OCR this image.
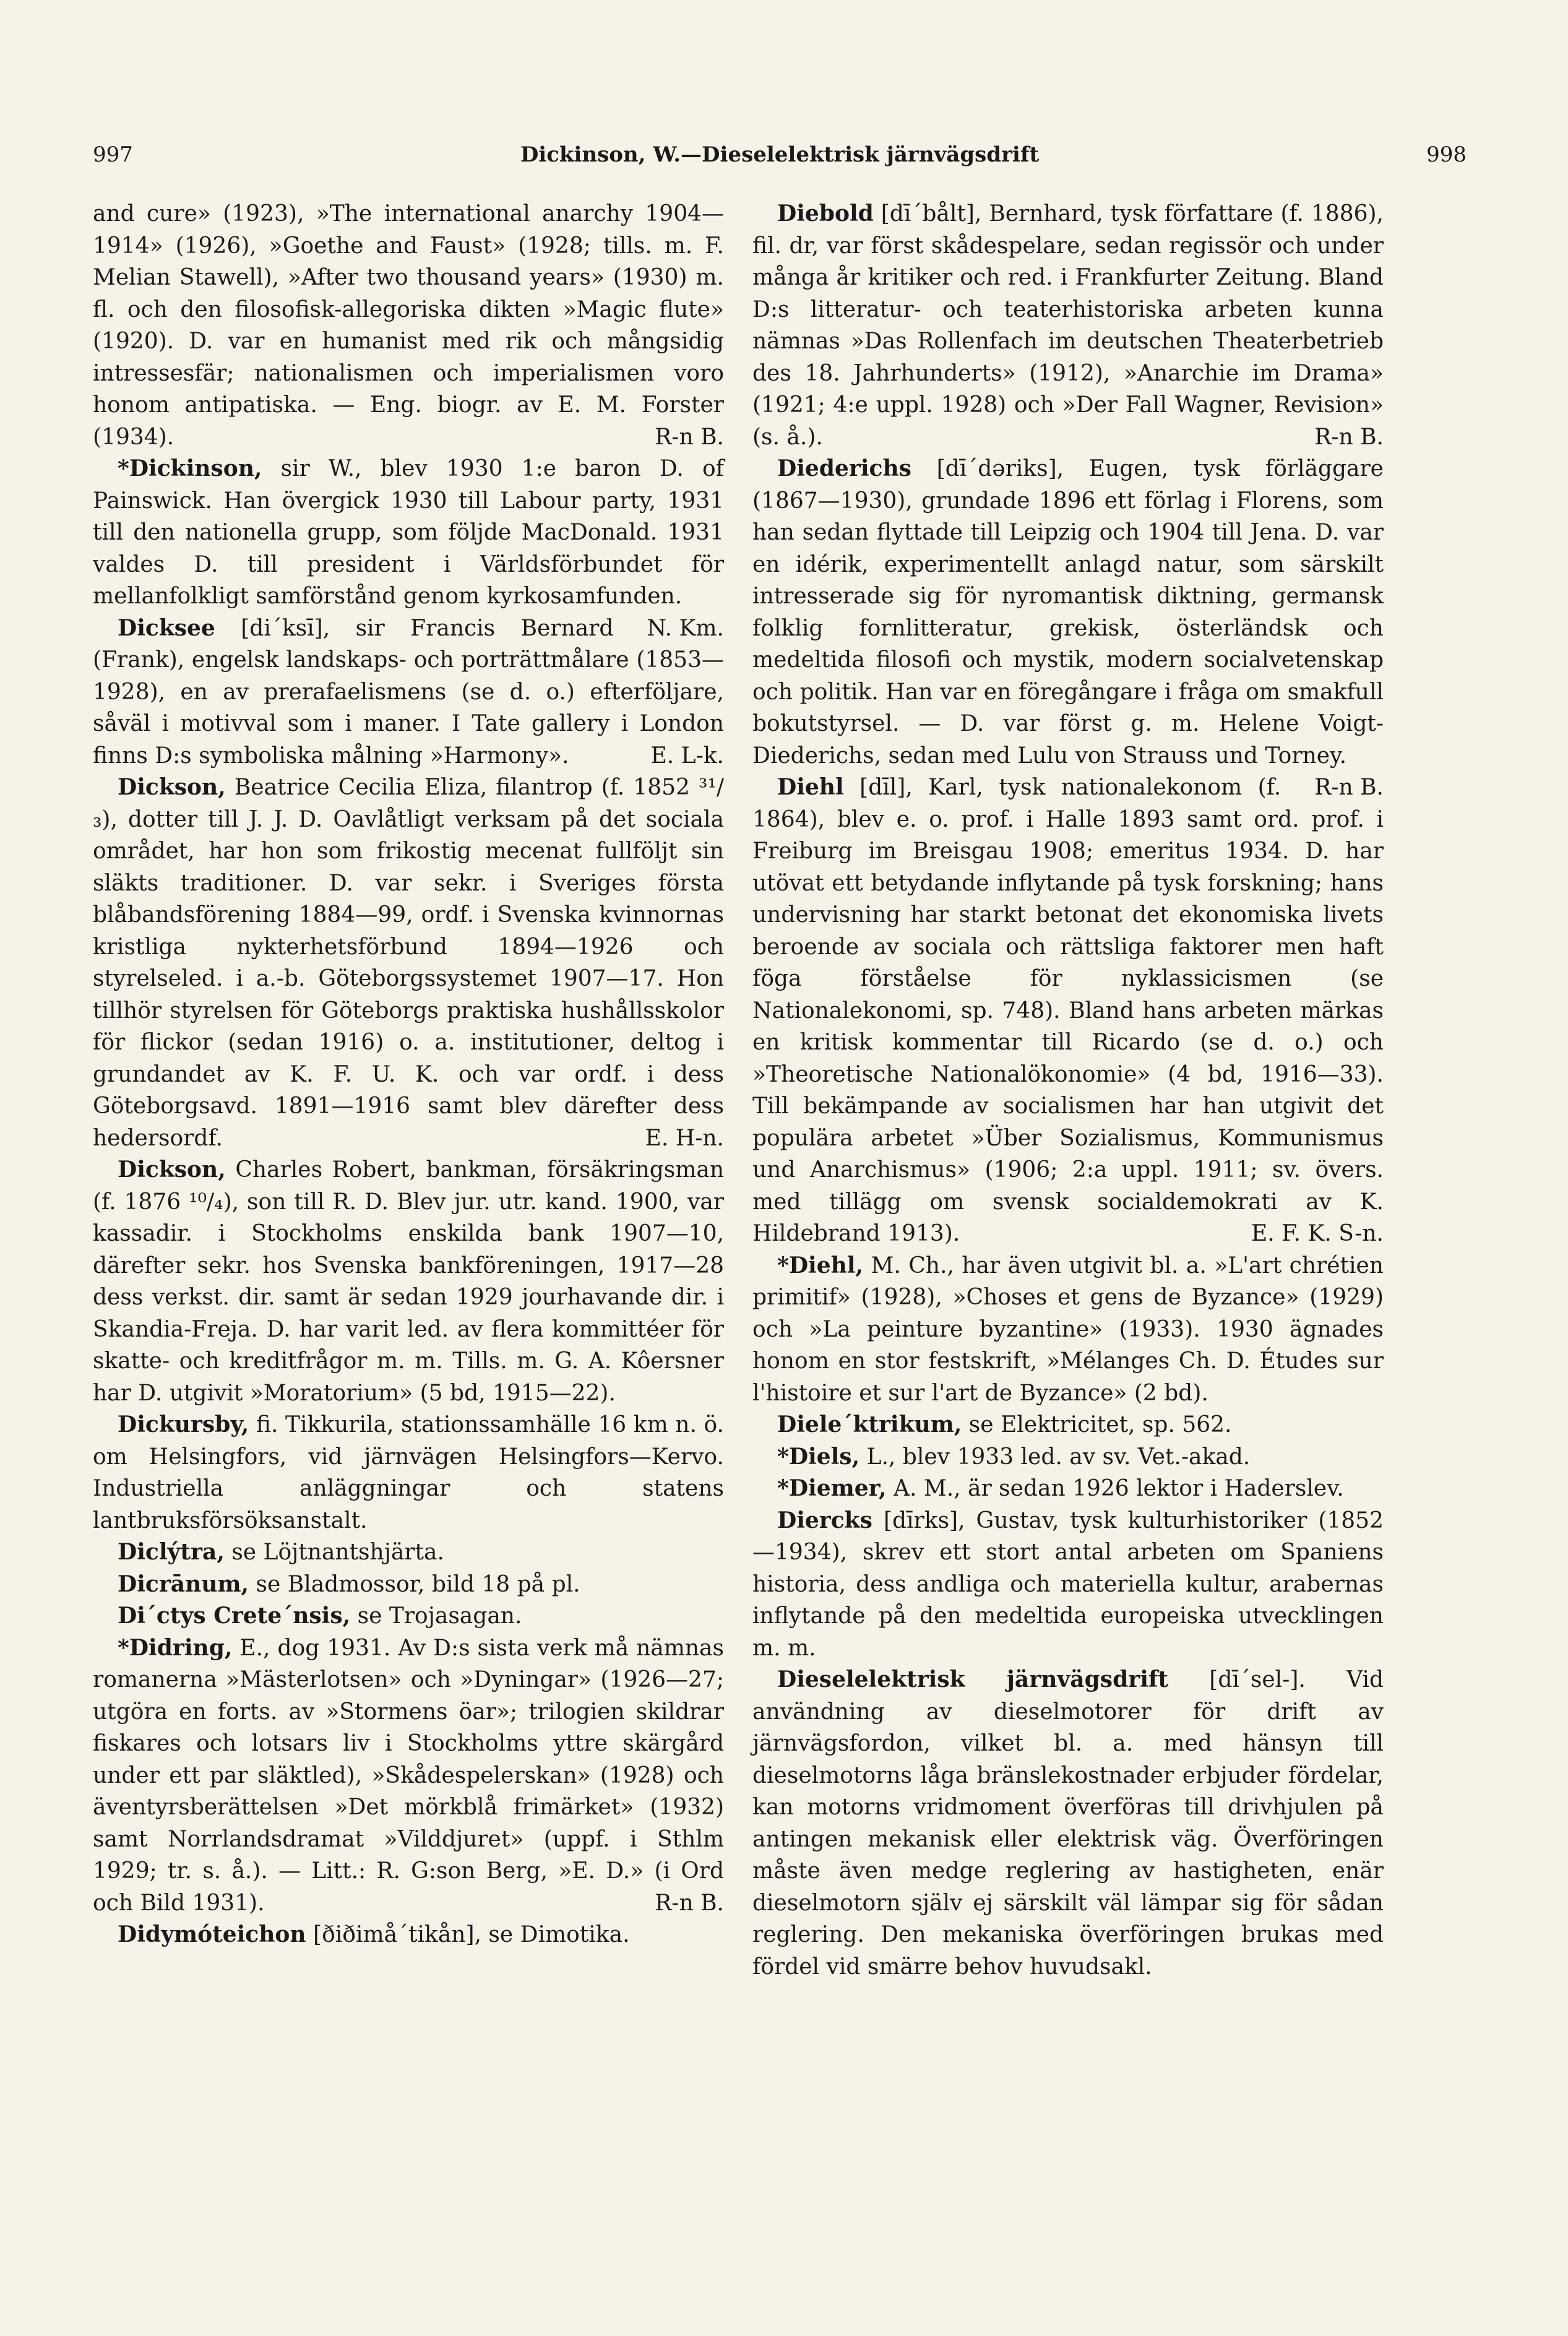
997	Dickinson, W.—Dieselelektrisk järnvägsdrift	998

and cure» (1923), »The international anarchy 1904—1914» (1926), »Goethe and Faust» (1928; tills. m. F. Melian Stawell), »After two thousand years» (1930) m. fl. och den filosofisk-allegoriska dikten »Magic flute» (1920). D. var en humanist med rik och mångsidig intressesfär; nationalismen och imperialismen voro honom antipatiska. — Eng. biogr. av E. M. Forster (1934).	R-n B.

*Dickinson, sir W., blev 1930 1:e baron D. of Painswick. Han övergick 1930 till Labour party, 1931 till den nationella grupp, som följde MacDonald. 1931 valdes D. till president i Världsförbundet för mellanfolkligt samförstånd genom kyrkosamfunden.
N. Km.

Dicksee [di´ksī], sir Francis Bernard (Frank), engelsk landskaps- och porträttmålare (1853—1928), en av prerafaelismens (se d. o.) efterföljare, såväl i motivval som i maner. I Tate gallery i London finns D:s symboliska målning »Harmony».	E. L-k.

Dickson, Beatrice Cecilia Eliza, filantrop (f. 1852 ³¹/₃), dotter till J. J. D. Oavlåtligt verksam på det sociala området, har hon som frikostig mecenat fullföljt sin släkts traditioner. D. var sekr. i Sveriges första blåbandsförening 1884—99, ordf. i Svenska kvinnornas kristliga nykterhetsförbund 1894—1926 och styrelseled. i a.-b. Göteborgssystemet 1907—17. Hon tillhör styrelsen för Göteborgs praktiska hushållsskolor för flickor (sedan 1916) o. a. institutioner, deltog i grundandet av K. F. U. K. och var ordf. i dess Göteborgsavd. 1891—1916 samt blev därefter dess hedersordf.	E. H-n.

Dickson, Charles Robert, bankman, försäkringsman (f. 1876 ¹⁰/₄), son till R. D. Blev jur. utr. kand. 1900, var kassadir. i Stockholms enskilda bank 1907—10, därefter sekr. hos Svenska bankföreningen, 1917—28 dess verkst. dir. samt är sedan 1929 jourhavande dir. i Skandia-Freja. D. har varit led. av flera kommittéer för skatte- och kreditfrågor m. m. Tills. m. G. A. Kôersner har D. utgivit »Moratorium» (5 bd, 1915—22).

Dickursby, fi. Tikkurila, stationssamhälle 16 km n. ö. om Helsingfors, vid järnvägen Helsingfors—Kervo. Industriella anläggningar och statens lantbruksförsöksanstalt.

Diclýtra, se Löjtnantshjärta.

Dicrānum, se Bladmossor, bild 18 på pl.

Di´ctys Crete´nsis, se Trojasagan.

*Didring, E., dog 1931. Av D:s sista verk må nämnas romanerna »Mästerlotsen» och »Dyningar» (1926—27; utgöra en forts. av »Stormens öar»; trilogien skildrar fiskares och lotsars liv i Stockholms yttre skärgård under ett par släktled), »Skådespelerskan» (1928) och äventyrsberättelsen »Det mörkblå frimärket» (1932) samt Norrlandsdramat »Vilddjuret» (uppf. i Sthlm 1929; tr. s. å.). — Litt.: R. G:son Berg, »E. D.» (i Ord och Bild 1931).	R-n B.

Didymóteichon [ðiðimå´tikån], se Dimotika.

Diebold [dī´bålt], Bernhard, tysk författare (f. 1886), fil. dr, var först skådespelare, sedan regissör och under många år kritiker och red. i Frankfurter Zeitung. Bland D:s litteratur- och teaterhistoriska arbeten kunna nämnas »Das Rollenfach im deutschen Theaterbetrieb des 18. Jahrhunderts» (1912), »Anarchie im Drama» (1921; 4:e uppl. 1928) och »Der Fall Wagner, Revision» (s. å.).	R-n B.

Diederichs [dī´dəriks], Eugen, tysk förläggare (1867—1930), grundade 1896 ett förlag i Florens, som han sedan flyttade till Leipzig och 1904 till Jena. D. var en idérik, experimentellt anlagd natur, som särskilt intresserade sig för nyromantisk diktning, germansk folklig fornlitteratur, grekisk, österländsk och medeltida filosofi och mystik, modern socialvetenskap och politik. Han var en föregångare i fråga om smakfull bokutstyrsel. — D. var först g. m. Helene Voigt-Diederichs, sedan med Lulu von Strauss und Torney.
R-n B.

Diehl [dīl], Karl, tysk nationalekonom (f. 1864), blev e. o. prof. i Halle 1893 samt ord. prof. i Freiburg im Breisgau 1908; emeritus 1934. D. har utövat ett betydande inflytande på tysk forskning; hans undervisning har starkt betonat det ekonomiska livets beroende av sociala och rättsliga faktorer men haft föga förståelse för nyklassicismen (se Nationalekonomi, sp. 748). Bland hans arbeten märkas en kritisk kommentar till Ricardo (se d. o.) och »Theoretische Nationalökonomie» (4 bd, 1916—33). Till bekämpande av socialismen har han utgivit det populära arbetet »Über Sozialismus, Kommunismus und Anarchismus» (1906; 2:a uppl. 1911; sv. övers. med tillägg om svensk socialdemokrati av K. Hildebrand 1913).	E. F. K. S-n.

*Diehl, M. Ch., har även utgivit bl. a. »L'art chrétien primitif» (1928), »Choses et gens de Byzance» (1929) och »La peinture byzantine» (1933). 1930 ägnades honom en stor festskrift, »Mélanges Ch. D. Études sur l'histoire et sur l'art de Byzance» (2 bd).

Diele´ktrikum, se Elektricitet, sp. 562.

*Diels, L., blev 1933 led. av sv. Vet.-akad.

*Diemer, A. M., är sedan 1926 lektor i Haderslev.

Diercks [dīrks], Gustav, tysk kulturhistoriker (1852—1934), skrev ett stort antal arbeten om Spaniens historia, dess andliga och materiella kultur, arabernas inflytande på den medeltida europeiska utvecklingen m. m.

Dieselelektrisk järnvägsdrift [dī´sel-]. Vid användning av dieselmotorer för drift av järnvägsfordon, vilket bl. a. med hänsyn till dieselmotorns låga bränslekostnader erbjuder fördelar, kan motorns vridmoment överföras till drivhjulen på antingen mekanisk eller elektrisk väg. Överföringen måste även medge reglering av hastigheten, enär dieselmotorn själv ej särskilt väl lämpar sig för sådan reglering. Den mekaniska överföringen brukas med fördel vid smärre behov huvudsakl.
